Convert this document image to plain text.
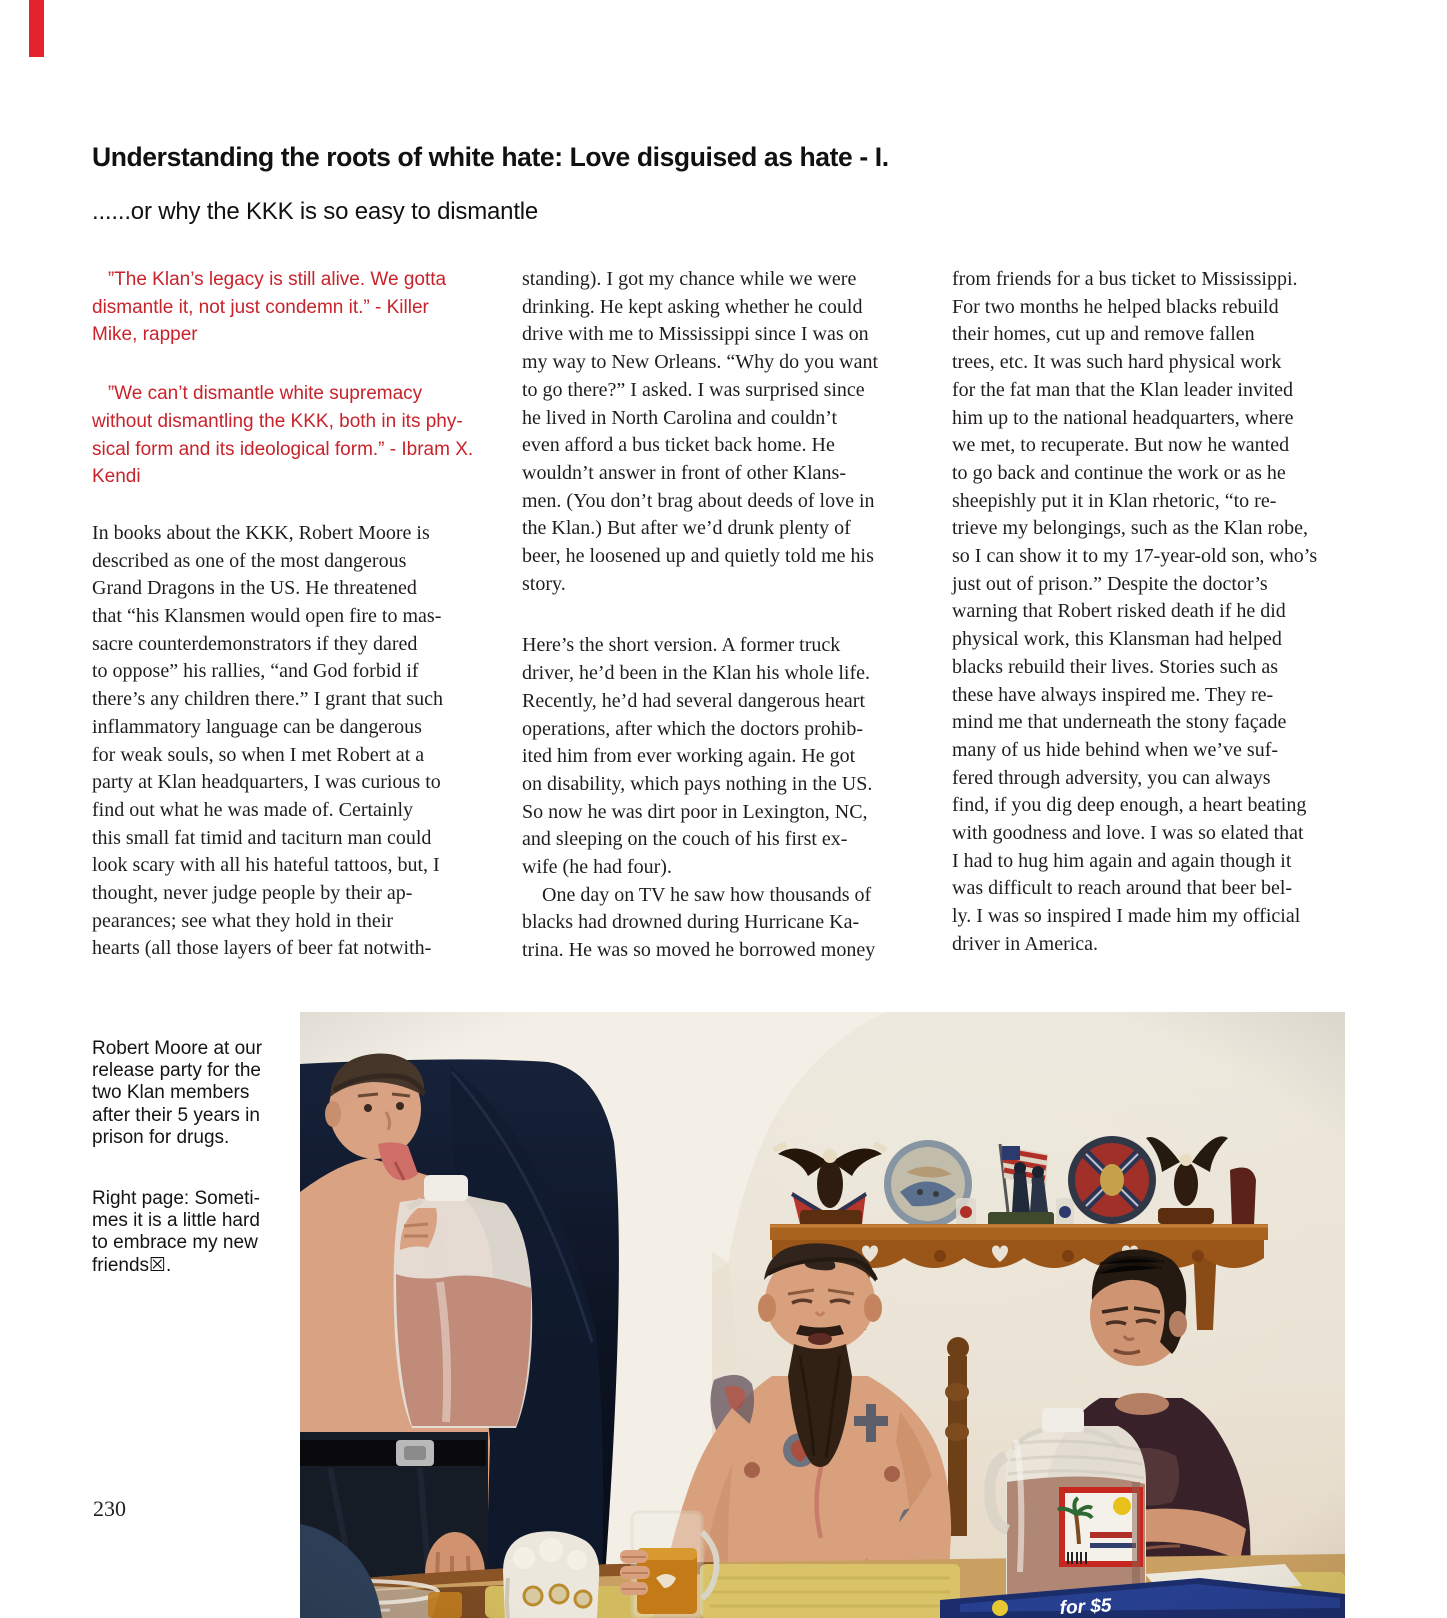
Understanding the roots of white hate: Love disguised as hate - I.
......or why the KKK is so easy to dismantle
”The Klan’s legacy is still alive. We gotta
dismantle it, not just condemn it.” - Killer
Mike, rapper
”We can’t dismantle white supremacy
without dismantling the KKK, both in its phy-
sical form and its ideological form.” - Ibram X.
Kendi
In books about the KKK, Robert Moore is
described as one of the most dangerous
Grand Dragons in the US. He threatened
that “his Klansmen would open fire to mas-
sacre counterdemonstrators if they dared
to oppose” his rallies, “and God forbid if
there’s any children there.” I grant that such
inflammatory language can be dangerous
for weak souls, so when I met Robert at a
party at Klan headquarters, I was curious to
find out what he was made of. Certainly
this small fat timid and taciturn man could
look scary with all his hateful tattoos, but, I
thought, never judge people by their ap-
pearances; see what they hold in their
hearts (all those layers of beer fat notwith-
standing). I got my chance while we were
drinking. He kept asking whether he could
drive with me to Mississippi since I was on
my way to New Orleans. “Why do you want
to go there?” I asked. I was surprised since
he lived in North Carolina and couldn’t
even afford a bus ticket back home. He
wouldn’t answer in front of other Klans-
men. (You don’t brag about deeds of love in
the Klan.) But after we’d drunk plenty of
beer, he loosened up and quietly told me his
story.
Here’s the short version. A former truck
driver, he’d been in the Klan his whole life.
Recently, he’d had several dangerous heart
operations, after which the doctors prohib-
ited him from ever working again. He got
on disability, which pays nothing in the US.
So now he was dirt poor in Lexington, NC,
and sleeping on the couch of his first ex-
wife (he had four).
One day on TV he saw how thousands of
blacks had drowned during Hurricane Ka-
trina. He was so moved he borrowed money
from friends for a bus ticket to Mississippi.
For two months he helped blacks rebuild
their homes, cut up and remove fallen
trees, etc. It was such hard physical work
for the fat man that the Klan leader invited
him up to the national headquarters, where
we met, to recuperate. But now he wanted
to go back and continue the work or as he
sheepishly put it in Klan rhetoric, “to re-
trieve my belongings, such as the Klan robe,
so I can show it to my 17-year-old son, who’s
just out of prison.” Despite the doctor’s
warning that Robert risked death if he did
physical work, this Klansman had helped
blacks rebuild their lives. Stories such as
these have always inspired me. They re-
mind me that underneath the stony façade
many of us hide behind when we’ve suf-
fered through adversity, you can always
find, if you dig deep enough, a heart beating
with goodness and love. I was so elated that
I had to hug him again and again though it
was difficult to reach around that beer bel-
ly. I was so inspired I made him my official
driver in America.
Robert Moore at our
release party for the
two Klan members
after their 5 years in
prison for drugs.
Right page: Someti-
mes it is a little hard
to embrace my new
friends☒.
230
